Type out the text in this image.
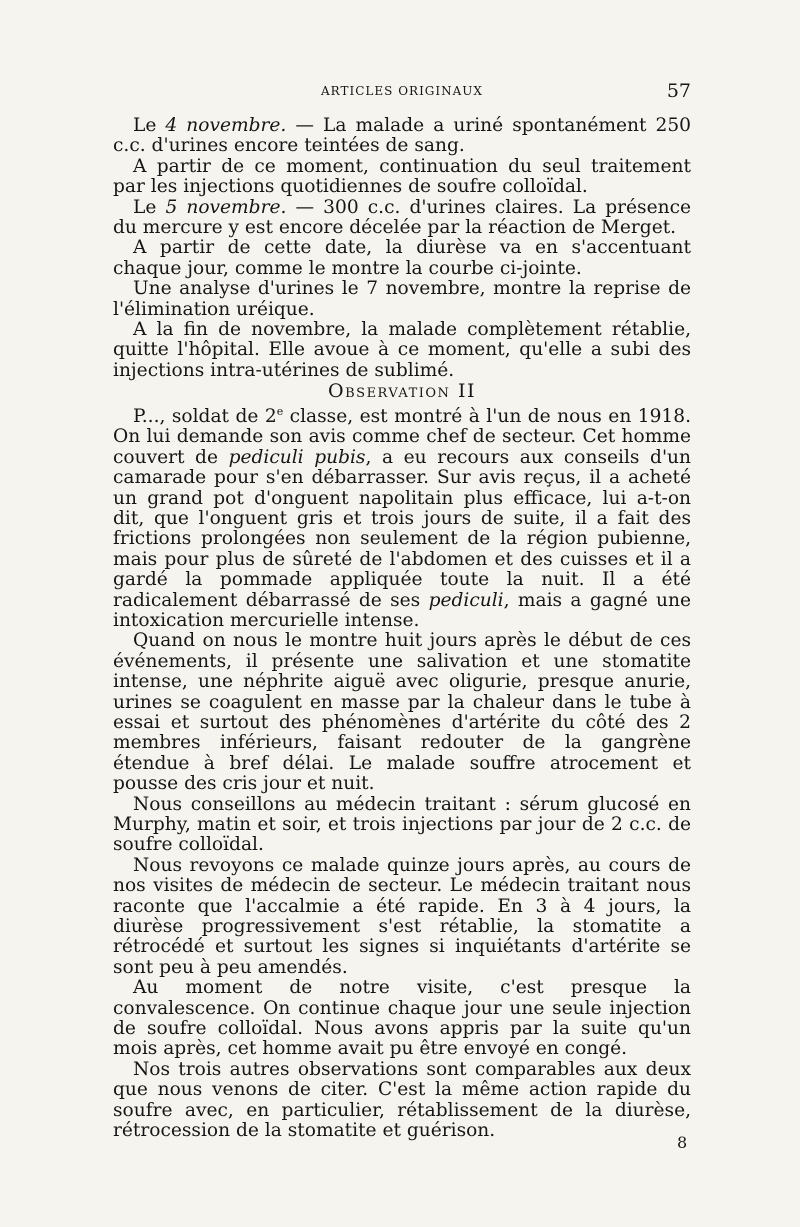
ARTICLES ORIGINAUX	57

Le 4 novembre. — La malade a uriné spontanément 250 c.c. d'urines encore teintées de sang.

A partir de ce moment, continuation du seul traitement par les injections quotidiennes de soufre colloïdal.

Le 5 novembre. — 300 c.c. d'urines claires. La présence du mercure y est encore décelée par la réaction de Merget.

A partir de cette date, la diurèse va en s'accentuant chaque jour, comme le montre la courbe ci-jointe.

Une analyse d'urines le 7 novembre, montre la reprise de l'élimination uréique.

A la fin de novembre, la malade complètement rétablie, quitte l'hôpital. Elle avoue à ce moment, qu'elle a subi des injections intra-utérines de sublimé.

Observation II

P..., soldat de 2e classe, est montré à l'un de nous en 1918. On lui demande son avis comme chef de secteur. Cet homme couvert de pediculi pubis, a eu recours aux conseils d'un camarade pour s'en débarrasser. Sur avis reçus, il a acheté un grand pot d'onguent napolitain plus efficace, lui a-t-on dit, que l'onguent gris et trois jours de suite, il a fait des frictions prolongées non seulement de la région pubienne, mais pour plus de sûreté de l'abdomen et des cuisses et il a gardé la pommade appliquée toute la nuit. Il a été radicalement débarrassé de ses pediculi, mais a gagné une intoxication mercurielle intense.

Quand on nous le montre huit jours après le début de ces événements, il présente une salivation et une stomatite intense, une néphrite aiguë avec oligurie, presque anurie, urines se coagulent en masse par la chaleur dans le tube à essai et surtout des phénomènes d'artérite du côté des 2 membres inférieurs, faisant redouter de la gangrène étendue à bref délai. Le malade souffre atrocement et pousse des cris jour et nuit.

Nous conseillons au médecin traitant : sérum glucosé en Murphy, matin et soir, et trois injections par jour de 2 c.c. de soufre colloïdal.

Nous revoyons ce malade quinze jours après, au cours de nos visites de médecin de secteur. Le médecin traitant nous raconte que l'accalmie a été rapide. En 3 à 4 jours, la diurèse progressivement s'est rétablie, la stomatite a rétrocédé et surtout les signes si inquiétants d'artérite se sont peu à peu amendés.

Au moment de notre visite, c'est presque la convalescence. On continue chaque jour une seule injection de soufre colloïdal. Nous avons appris par la suite qu'un mois après, cet homme avait pu être envoyé en congé.

Nos trois autres observations sont comparables aux deux que nous venons de citer. C'est la même action rapide du soufre avec, en particulier, rétablissement de la diurèse, rétrocession de la stomatite et guérison.

8
